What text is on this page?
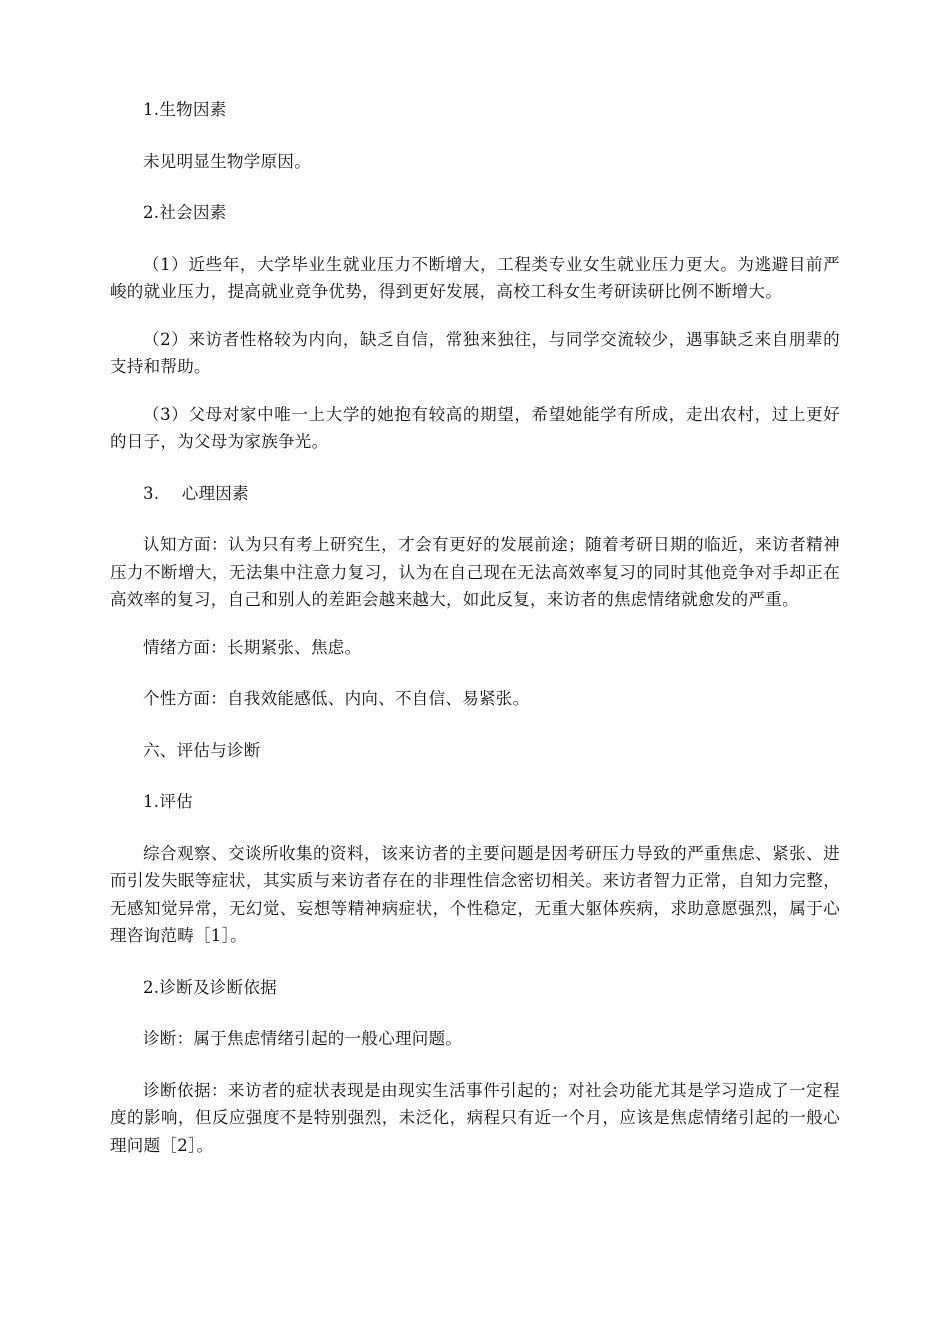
1.生物因素

未见明显生物学原因。

2.社会因素

（1）近些年，大学毕业生就业压力不断增大，工程类专业女生就业压力更大。为逃避目前严峻的就业压力，提高就业竞争优势，得到更好发展，高校工科女生考研读研比例不断增大。

（2）来访者性格较为内向，缺乏自信，常独来独往，与同学交流较少，遇事缺乏来自朋辈的支持和帮助。

（3）父母对家中唯一上大学的她抱有较高的期望，希望她能学有所成，走出农村，过上更好的日子，为父母为家族争光。

3.　 心理因素

认知方面：认为只有考上研究生，才会有更好的发展前途；随着考研日期的临近，来访者精神压力不断增大，无法集中注意力复习，认为在自己现在无法高效率复习的同时其他竞争对手却正在高效率的复习，自己和别人的差距会越来越大，如此反复，来访者的焦虑情绪就愈发的严重。

情绪方面：长期紧张、焦虑。

个性方面：自我效能感低、内向、不自信、易紧张。

六、评估与诊断

1.评估

综合观察、交谈所收集的资料，该来访者的主要问题是因考研压力导致的严重焦虑、紧张、进而引发失眠等症状，其实质与来访者存在的非理性信念密切相关。来访者智力正常，自知力完整，无感知觉异常，无幻觉、妄想等精神病症状，个性稳定，无重大躯体疾病，求助意愿强烈，属于心理咨询范畴［1］。

2.诊断及诊断依据

诊断：属于焦虑情绪引起的一般心理问题。

诊断依据：来访者的症状表现是由现实生活事件引起的；对社会功能尤其是学习造成了一定程度的影响，但反应强度不是特别强烈，未泛化，病程只有近一个月，应该是焦虑情绪引起的一般心理问题［2］。
